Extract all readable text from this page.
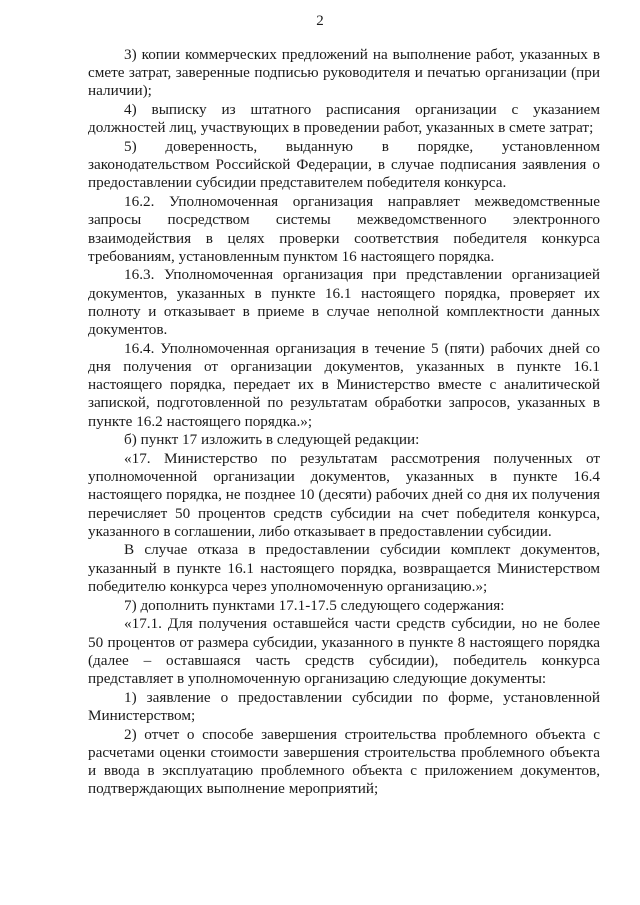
2

3) копии коммерческих предложений на выполнение работ, указанных в смете затрат, заверенные подписью руководителя и печатью организации (при наличии);

4) выписку из штатного расписания организации с указанием должностей лиц, участвующих в проведении работ, указанных в смете затрат;

5) доверенность, выданную в порядке, установленном законодательством Российской Федерации, в случае подписания заявления о предоставлении субсидии представителем победителя конкурса.

16.2. Уполномоченная организация направляет межведомственные запросы посредством системы межведомственного электронного взаимодействия в целях проверки соответствия победителя конкурса требованиям, установленным пунктом 16 настоящего порядка.

16.3. Уполномоченная организация при представлении организацией документов, указанных в пункте 16.1 настоящего порядка, проверяет их полноту и отказывает в приеме в случае неполной комплектности данных документов.

16.4. Уполномоченная организация в течение 5 (пяти) рабочих дней со дня получения от организации документов, указанных в пункте 16.1 настоящего порядка, передает их в Министерство вместе с аналитической запиской, подготовленной по результатам обработки запросов, указанных в пункте 16.2 настоящего порядка.»;

б) пункт 17 изложить в следующей редакции:

«17. Министерство по результатам рассмотрения полученных от уполномоченной организации документов, указанных в пункте 16.4 настоящего порядка, не позднее 10 (десяти) рабочих дней со дня их получения перечисляет 50 процентов средств субсидии на счет победителя конкурса, указанного в соглашении, либо отказывает в предоставлении субсидии.

В случае отказа в предоставлении субсидии комплект документов, указанный в пункте 16.1 настоящего порядка, возвращается Министерством победителю конкурса через уполномоченную организацию.»;

7) дополнить пунктами 17.1-17.5 следующего содержания:

«17.1. Для получения оставшейся части средств субсидии, но не более 50 процентов от размера субсидии, указанного в пункте 8 настоящего порядка (далее – оставшаяся часть средств субсидии), победитель конкурса представляет в уполномоченную организацию следующие документы:

1) заявление о предоставлении субсидии по форме, установленной Министерством;

2) отчет о способе завершения строительства проблемного объекта с расчетами оценки стоимости завершения строительства проблемного объекта и ввода в эксплуатацию проблемного объекта с приложением документов, подтверждающих выполнение мероприятий;
